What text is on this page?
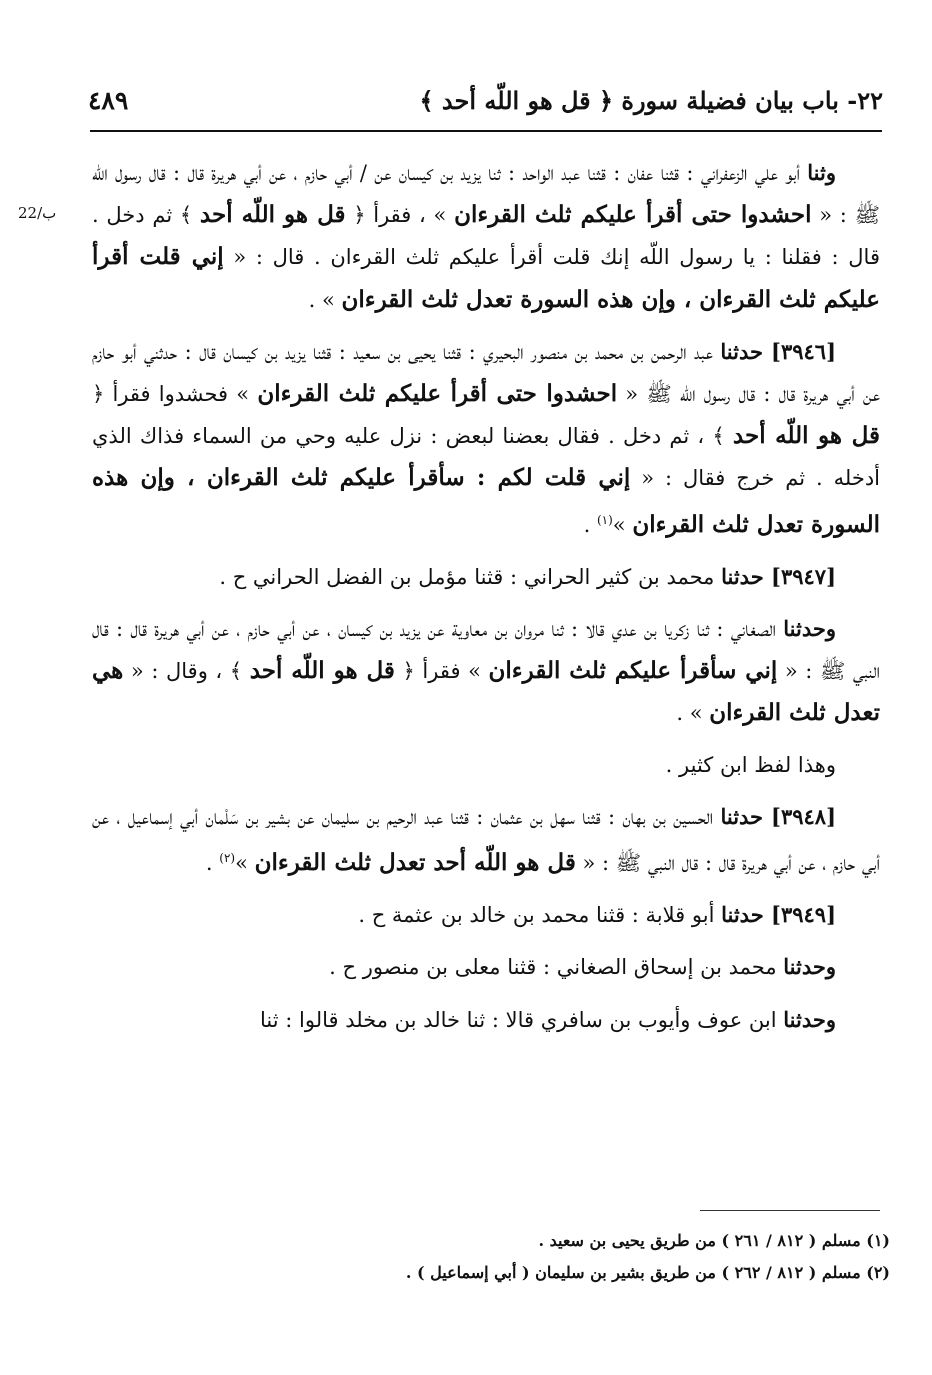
٤٨٩	٢٢- باب بيان فضيلة سورة ﴿ قل هو اللّه أحد ﴾
22/ب

وثنا أبو علي الزعفراني : قثنا عفان : قثنا عبد الواحد : ثنا يزيد بن كيسان عن / أبي حازم ، عن أبي هريرة قال : قال رسول اللّه ﷺ : « احشدوا حتى أقرأ عليكم ثلث القرءان » ، فقرأ ﴿ قل هو اللّه أحد ﴾ ثم دخل . قال : فقلنا : يا رسول اللّه إنك قلت أقرأ عليكم ثلث القرءان . قال : « إني قلت أقرأ عليكم ثلث القرءان ، وإن هذه السورة تعدل ثلث القرءان » .

[٣٩٤٦] حدثنا عبد الرحمن بن محمد بن منصور البحيري : قثنا يحيى بن سعيد : قثنا يزيد بن كيسان قال : حدثني أبو حازم عن أبي هريرة قال : قال رسول اللّه ﷺ « احشدوا حتى أقرأ عليكم ثلث القرءان » فحشدوا فقرأ ﴿ قل هو اللّه أحد ﴾ ، ثم دخل . فقال بعضنا لبعض : نزل عليه وحي من السماء فذاك الذي أدخله . ثم خرج فقال : « إني قلت لكم : سأقرأ عليكم ثلث القرءان ، وإن هذه السورة تعدل ثلث القرءان »$^{(١)}$ .

[٣٩٤٧] حدثنا محمد بن كثير الحراني : قثنا مؤمل بن الفضل الحراني ح .

وحدثنا الصغاني : ثنا زكريا بن عدي قالا : ثنا مروان بن معاوية عن يزيد بن كيسان ، عن أبي حازم ، عن أبي هريرة قال : قال النبي ﷺ : « إني سأقرأ عليكم ثلث القرءان » فقرأ ﴿ قل هو اللّه أحد ﴾ ، وقال : « هي تعدل ثلث القرءان » .

وهذا لفظ ابن كثير .

[٣٩٤٨] حدثنا الحسين بن بهان : قثنا سهل بن عثمان : قثنا عبد الرحيم بن سليمان عن بشير بن سَلْمان أبي إسماعيل ، عن أبي حازم ، عن أبي هريرة قال : قال النبي ﷺ : « قل هو اللّه أحد تعدل ثلث القرءان »$^{(٢)}$ .

[٣٩٤٩] حدثنا أبو قلابة : قثنا محمد بن خالد بن عثمة ح .

وحدثنا محمد بن إسحاق الصغاني : قثنا معلى بن منصور ح .

وحدثنا ابن عوف وأيوب بن سافري قالا : ثنا خالد بن مخلد قالوا : ثنا

(١) مسلم ( ٨١٢ / ٢٦١ ) من طريق يحيى بن سعيد .

(٢) مسلم ( ٨١٢ / ٢٦٢ ) من طريق بشير بن سليمان ( أبي إسماعيل ) .
